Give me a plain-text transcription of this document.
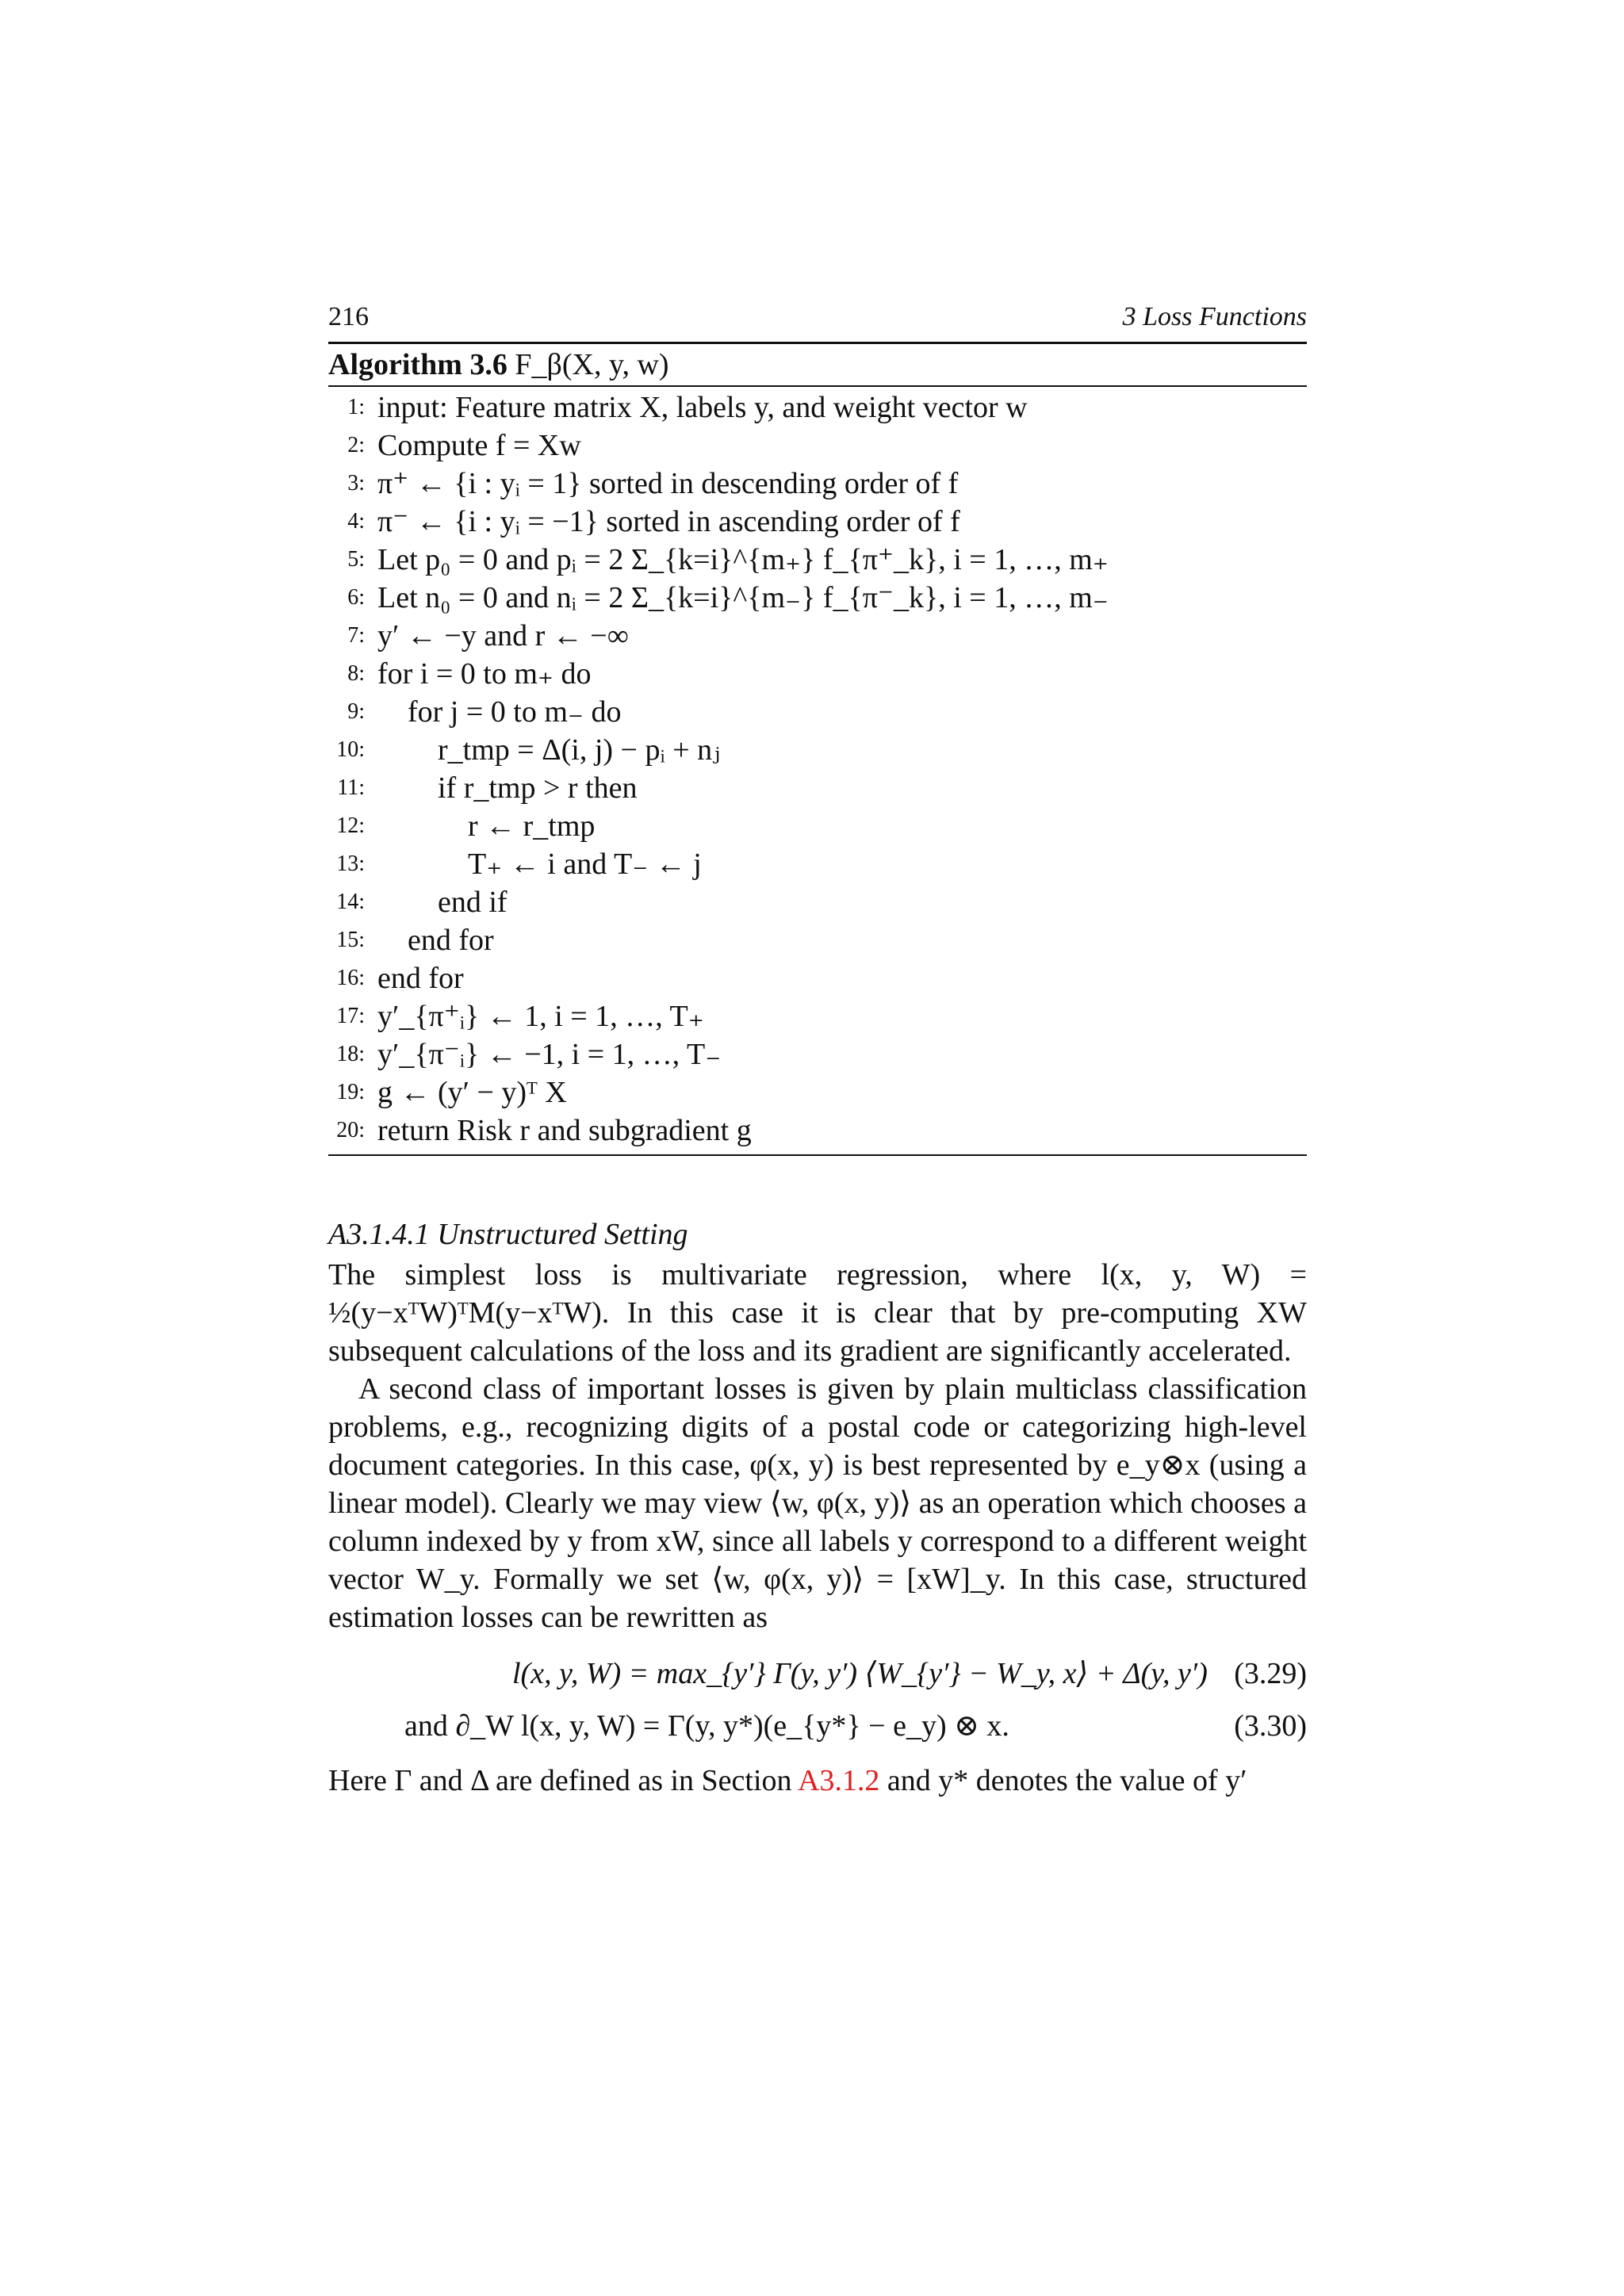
216	3 Loss Functions
Algorithm 3.6 F_β(X, y, w)
1: input: Feature matrix X, labels y, and weight vector w
2: Compute f = Xw
3: π⁺ ← {i : yᵢ = 1} sorted in descending order of f
4: π⁻ ← {i : yᵢ = −1} sorted in ascending order of f
5: Let p₀ = 0 and pᵢ = 2 Σ_{k=i}^{m₊} f_{π⁺_k}, i = 1, …, m₊
6: Let n₀ = 0 and nᵢ = 2 Σ_{k=i}^{m₋} f_{π⁻_k}, i = 1, …, m₋
7: y′ ← −y and r ← −∞
8: for i = 0 to m₊ do
9: for j = 0 to m₋ do
10: r_tmp = Δ(i, j) − pᵢ + nⱼ
11: if r_tmp > r then
12:	r ← r_tmp
13:	T₊ ← i and T₋ ← j
14: end if
15: end for
16: end for
17: y′_{π⁺ᵢ} ← 1, i = 1, …, T₊
18: y′_{π⁻ᵢ} ← −1, i = 1, …, T₋
19: g ← (y′ − y)ᵀ X
20: return Risk r and subgradient g
A3.1.4.1 Unstructured Setting

The simplest loss is multivariate regression, where l(x, y, W) = ½(y−xᵀW)ᵀM(y−xᵀW). In this case it is clear that by pre-computing XW subsequent calculations of the loss and its gradient are significantly accelerated.

A second class of important losses is given by plain multiclass classification problems, e.g., recognizing digits of a postal code or categorizing high-level document categories. In this case, φ(x, y) is best represented by e_y⊗x (using a linear model). Clearly we may view ⟨w, φ(x, y)⟩ as an operation which chooses a column indexed by y from xW, since all labels y correspond to a different weight vector W_y. Formally we set ⟨w, φ(x, y)⟩ = [xW]_y. In this case, structured estimation losses can be rewritten as

l(x, y, W) = max_{y′} Γ(y, y′) ⟨W_{y′} − W_y, x⟩ + Δ(y, y′) (3.29)
and ∂_W l(x, y, W) = Γ(y, y*)(e_{y*} − e_y) ⊗ x.	(3.30)

Here Γ and Δ are defined as in Section A3.1.2 and y* denotes the value of y′
